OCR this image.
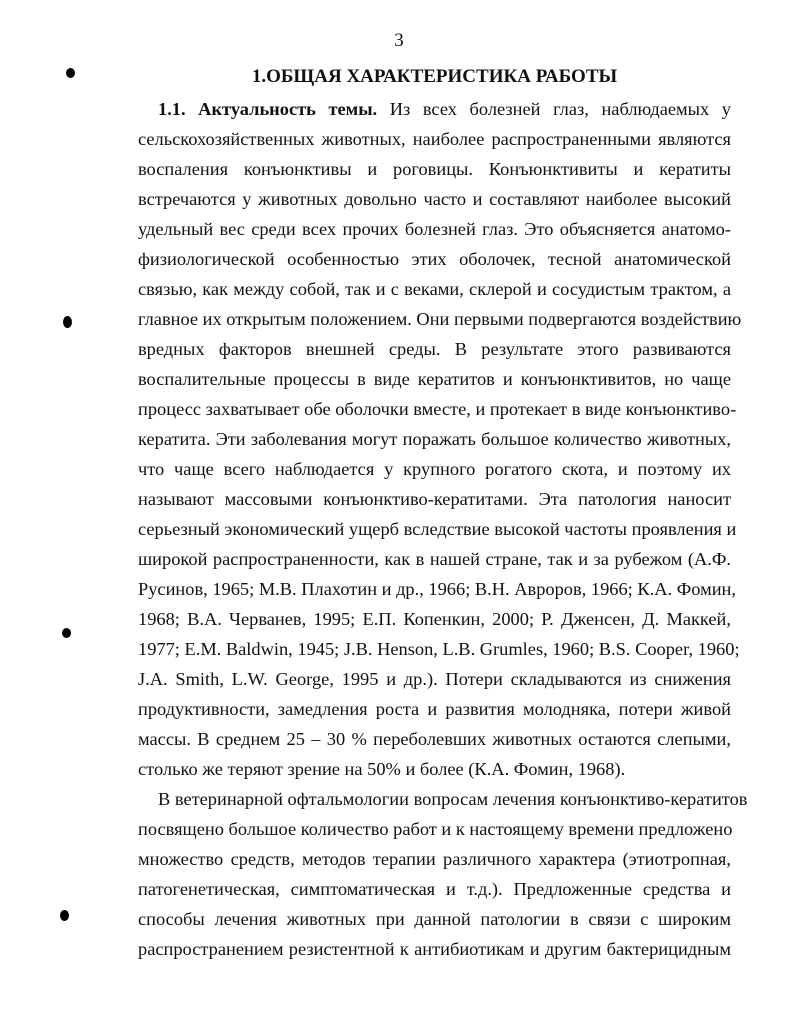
3
1.ОБЩАЯ ХАРАКТЕРИСТИКА РАБОТЫ
1.1. Актуальность темы. Из всех болезней глаз, наблюдаемых у
сельскохозяйственных животных, наиболее распространенными являются
воспаления конъюнктивы и роговицы. Конъюнктивиты и кератиты
встречаются у животных довольно часто и составляют наиболее высокий
удельный вес среди всех прочих болезней глаз. Это объясняется анатомо-
физиологической особенностью этих оболочек, тесной анатомической
связью, как между собой, так и с веками, склерой и сосудистым трактом, а
главное их открытым положением. Они первыми подвергаются воздействию
вредных факторов внешней среды. В результате этого развиваются
воспалительные процессы в виде кератитов и конъюнктивитов, но чаще
процесс захватывает обе оболочки вместе, и протекает в виде конъюнктиво-
кератита. Эти заболевания могут поражать большое количество животных,
что чаще всего наблюдается у крупного рогатого скота, и поэтому их
называют массовыми конъюнктиво-кератитами. Эта патология наносит
серьезный экономический ущерб вследствие высокой частоты проявления и
широкой распространенности, как в нашей стране, так и за рубежом (А.Ф.
Русинов, 1965; М.В. Плахотин и др., 1966; В.Н. Авроров, 1966; К.А. Фомин,
1968; В.А. Черванев, 1995; Е.П. Копенкин, 2000; Р. Дженсен, Д. Маккей,
1977; E.M. Baldwin, 1945; J.B. Henson, L.B. Grumles, 1960; B.S. Cooper, 1960;
J.A. Smith, L.W. George, 1995 и др.). Потери складываются из снижения
продуктивности, замедления роста и развития молодняка, потери живой
массы. В среднем 25 – 30 % переболевших животных остаются слепыми,
столько же теряют зрение на 50% и более (К.А. Фомин, 1968).
В ветеринарной офтальмологии вопросам лечения конъюнктиво-кератитов
посвящено большое количество работ и к настоящему времени предложено
множество средств, методов терапии различного характера (этиотропная,
патогенетическая, симптоматическая и т.д.). Предложенные средства и
способы лечения животных при данной патологии в связи с широким
распространением резистентной к антибиотикам и другим бактерицидным
